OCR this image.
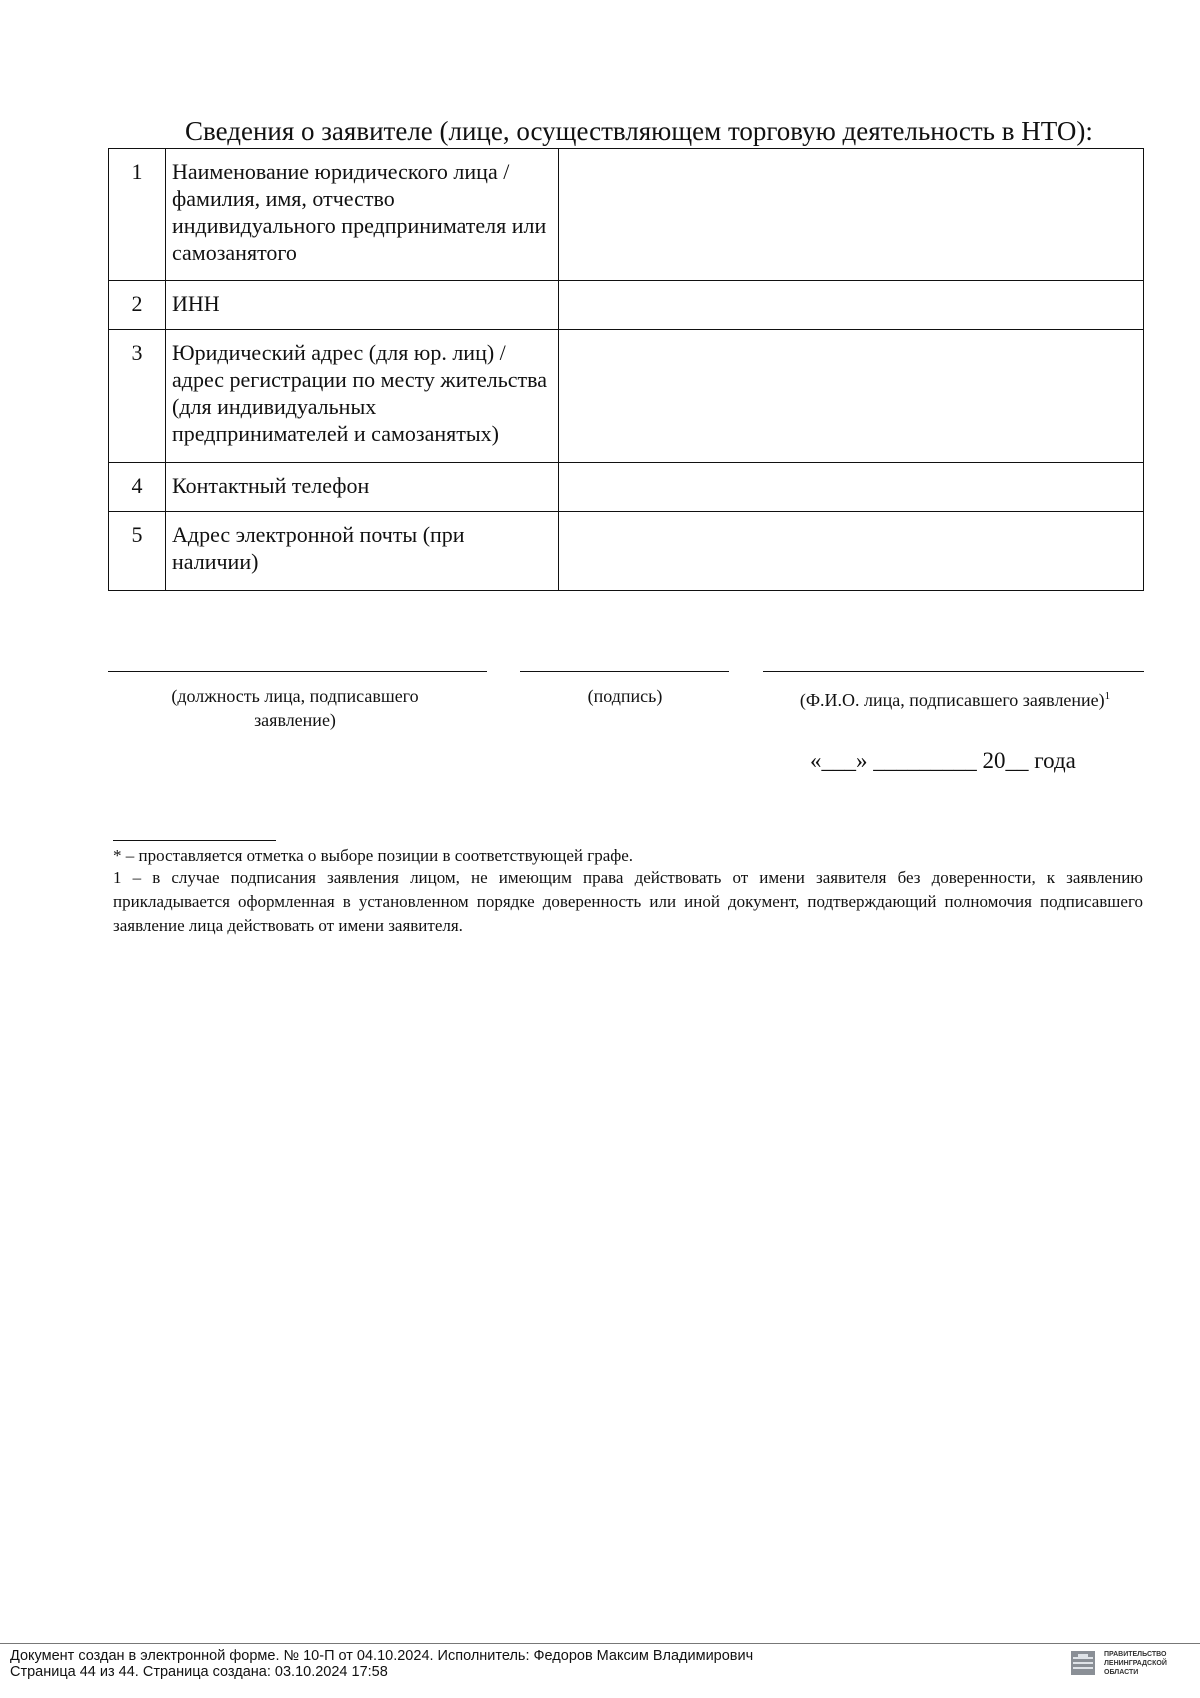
Сведения о заявителе (лице, осуществляющем торговую деятельность в НТО):
1	Наименование юридического лица / фамилия, имя, отчество индивидуального предпринимателя или самозанятого	
2	ИНН	
3	Юридический адрес (для юр. лиц) / адрес регистрации по месту жительства (для индивидуальных предпринимателей и самозанятых)	
4	Контактный телефон	
5	Адрес электронной почты (при наличии)	
(должность лица, подписавшего заявление)
(подпись)	(Ф.И.О. лица, подписавшего заявление)$^1$
«___» _________ 20__ года
* – проставляется отметка о выборе позиции в соответствующей графе.
1 – в случае подписания заявления лицом, не имеющим права действовать от имени заявителя без доверенности, к заявлению прикладывается оформленная в установленном порядке доверенность или иной документ, подтверждающий полномочия подписавшего заявление лица действовать от имени заявителя.
Документ создан в электронной форме. № 10-П от 04.10.2024. Исполнитель: Федоров Максим Владимирович
Страница 44 из 44. Страница создана: 03.10.2024 17:58
ПРАВИТЕЛЬСТВО ЛЕНИНГРАДСКОЙ ОБЛАСТИ
